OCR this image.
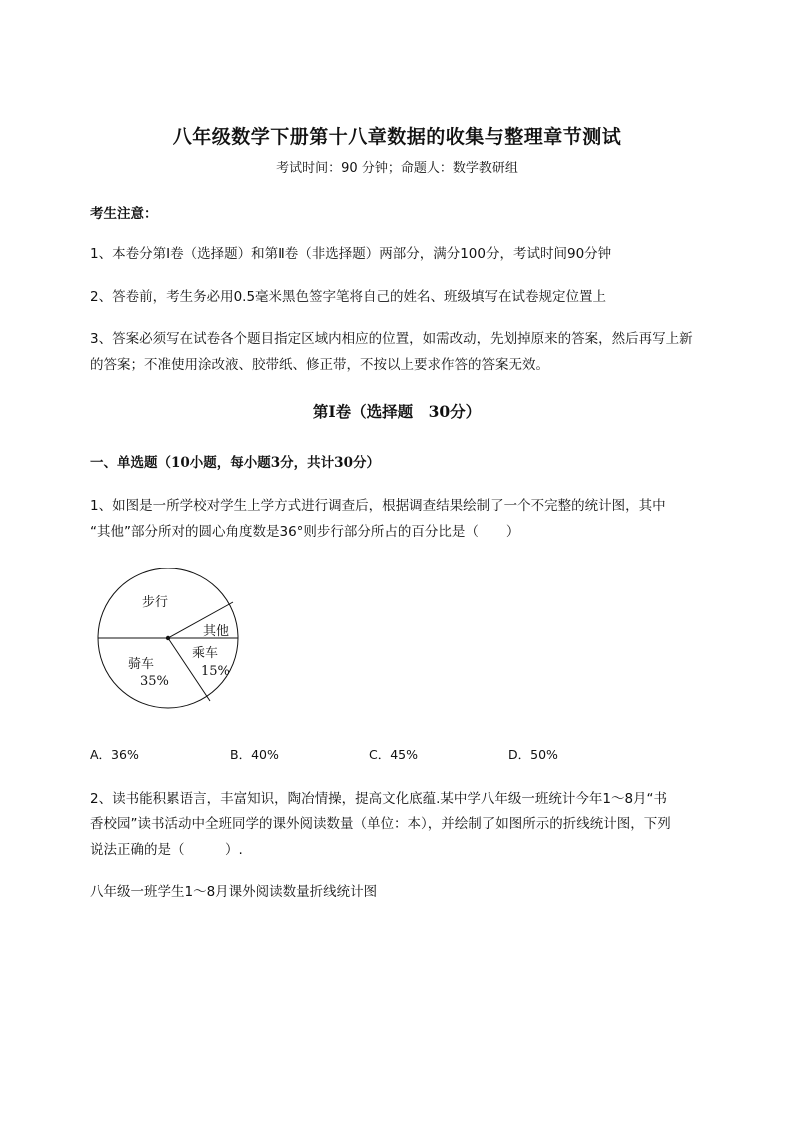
八年级数学下册第十八章数据的收集与整理章节测试
考试时间：90 分钟；命题人：数学教研组
考生注意：
1、本卷分第Ⅰ卷（选择题）和第Ⅱ卷（非选择题）两部分，满分100分，考试时间90分钟
2、答卷前，考生务必用0.5毫米黑色签字笔将自己的姓名、班级填写在试卷规定位置上
3、答案必须写在试卷各个题目指定区域内相应的位置，如需改动，先划掉原来的答案，然后再写上新
的答案；不准使用涂改液、胶带纸、修正带，不按以上要求作答的答案无效。
第Ⅰ卷（选择题　30分）
一、单选题（10小题，每小题3分，共计30分）
1、如图是一所学校对学生上学方式进行调查后，根据调查结果绘制了一个不完整的统计图，其中
“其他”部分所对的圆心角度数是36°则步行部分所占的百分比是（　　）
步行
其他
乘车
15%
骑车
35%
A．36%	B．40%	C．45%	D．50%
2、读书能积累语言，丰富知识，陶冶情操，提高文化底蕴.某中学八年级一班统计今年1～8月“书
香校园”读书活动中全班同学的课外阅读数量（单位：本），并绘制了如图所示的折线统计图，下列
说法正确的是（　　　）.
八年级一班学生1～8月课外阅读数量折线统计图
